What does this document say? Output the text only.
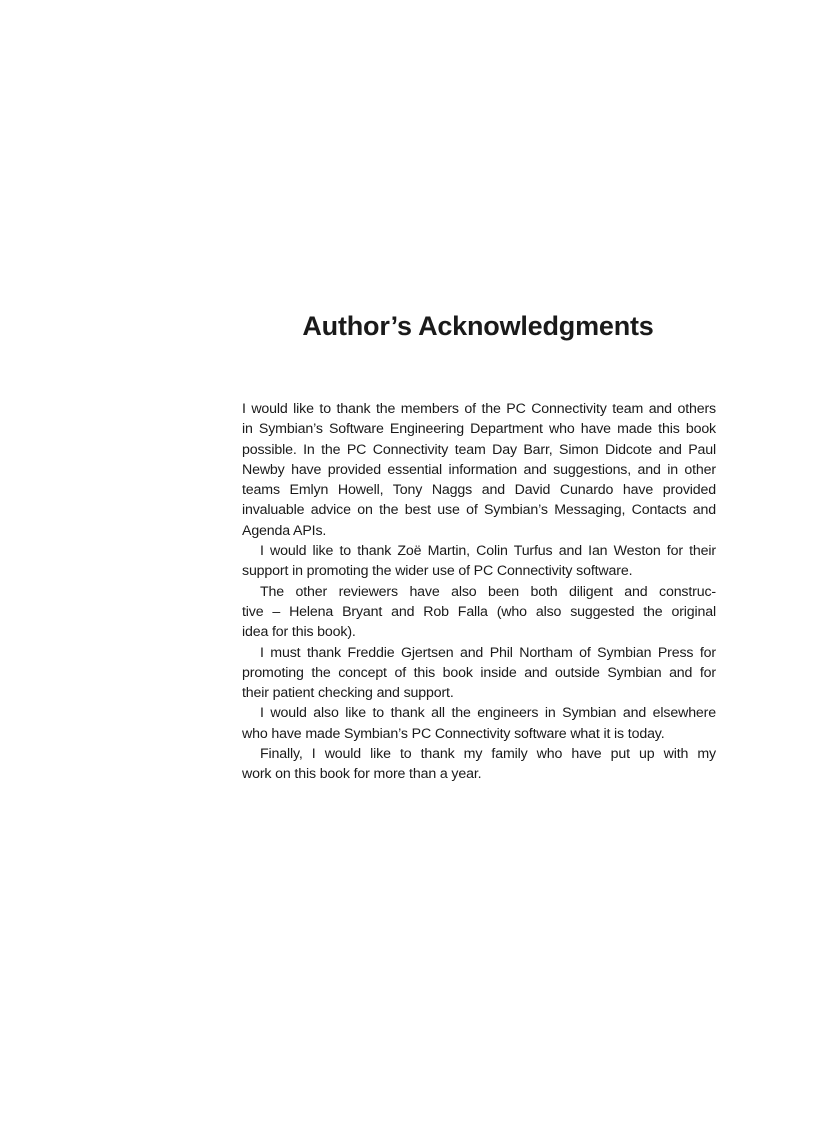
Author’s Acknowledgments
I would like to thank the members of the PC Connectivity team and others
in Symbian’s Software Engineering Department who have made this book
possible. In the PC Connectivity team Day Barr, Simon Didcote and Paul
Newby have provided essential information and suggestions, and in other
teams Emlyn Howell, Tony Naggs and David Cunardo have provided
invaluable advice on the best use of Symbian’s Messaging, Contacts and
Agenda APIs.
I would like to thank Zoë Martin, Colin Turfus and Ian Weston for their
support in promoting the wider use of PC Connectivity software.
The other reviewers have also been both diligent and construc-
tive – Helena Bryant and Rob Falla (who also suggested the original
idea for this book).
I must thank Freddie Gjertsen and Phil Northam of Symbian Press for
promoting the concept of this book inside and outside Symbian and for
their patient checking and support.
I would also like to thank all the engineers in Symbian and elsewhere
who have made Symbian’s PC Connectivity software what it is today.
Finally, I would like to thank my family who have put up with my
work on this book for more than a year.
